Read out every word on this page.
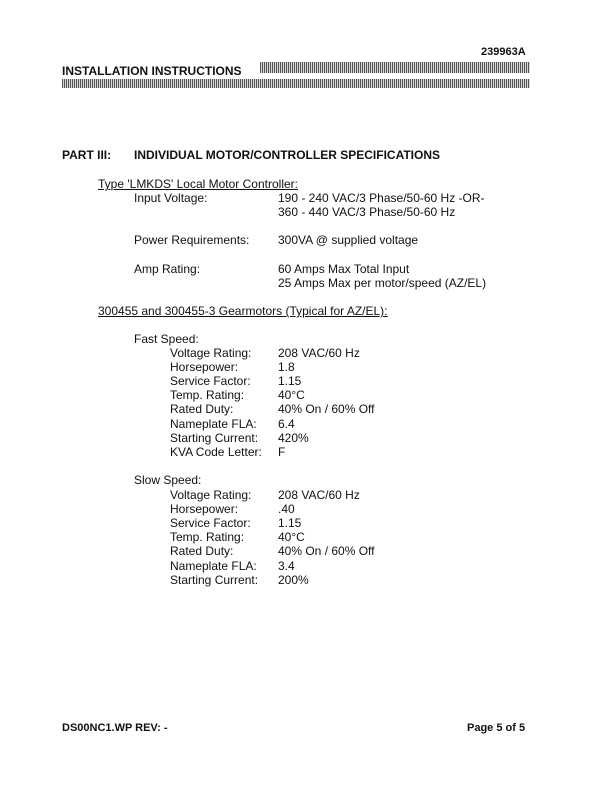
239963A
INSTALLATION INSTRUCTIONS
PART III: INDIVIDUAL MOTOR/CONTROLLER SPECIFICATIONS
Type 'LMKDS' Local Motor Controller:
Input Voltage:	190 - 240 VAC/3 Phase/50-60 Hz -OR-
360 - 440 VAC/3 Phase/50-60 Hz
Power Requirements: 300VA @ supplied voltage
Amp Rating:	60 Amps Max Total Input
25 Amps Max per motor/speed (AZ/EL)
300455 and 300455-3 Gearmotors (Typical for AZ/EL):
Fast Speed:
Voltage Rating: 208 VAC/60 Hz
Horsepower:	1.8
Service Factor: 1.15
Temp. Rating:	40°C
Rated Duty:	40% On / 60% Off
Nameplate FLA: 6.4
Starting Current: 420%
KVA Code Letter: F
Slow Speed:
Voltage Rating: 208 VAC/60 Hz
Horsepower:	.40
Service Factor: 1.15
Temp. Rating:	40°C
Rated Duty:	40% On / 60% Off
Nameplate FLA: 3.4
Starting Current: 200%
DS00NC1.WP REV: -	Page 5 of 5
